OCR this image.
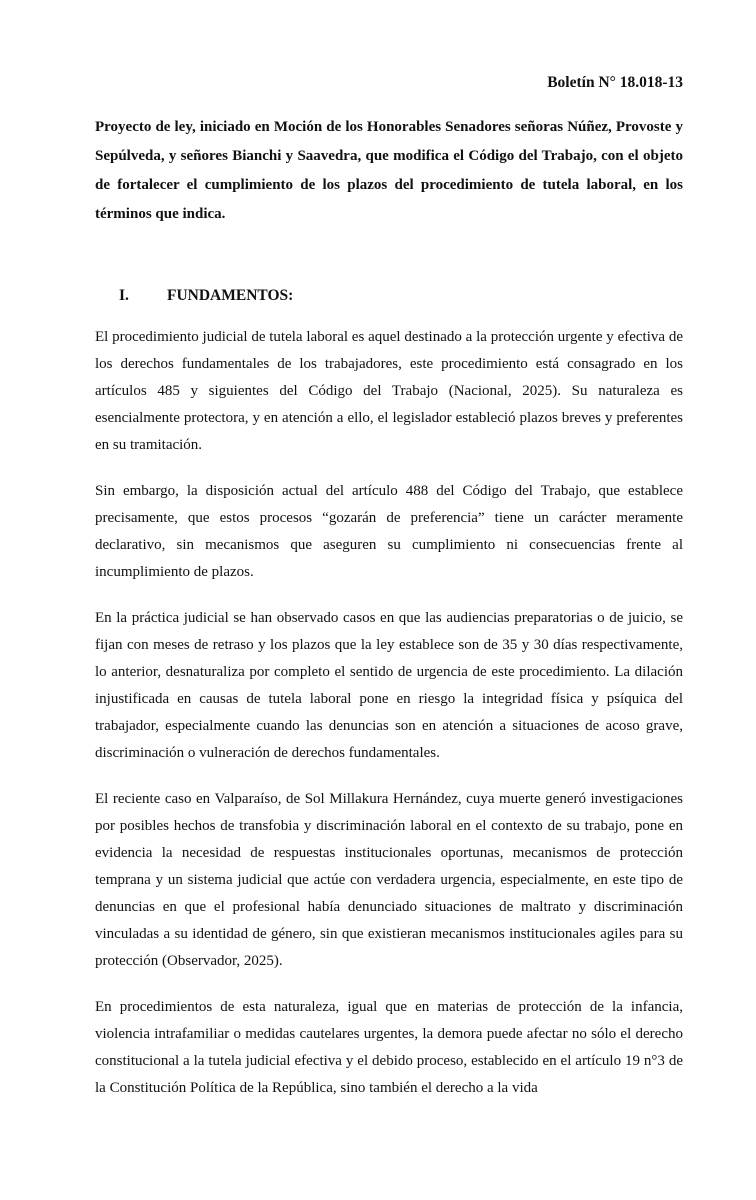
Boletín N° 18.018-13
Proyecto de ley, iniciado en Moción de los Honorables Senadores señoras Núñez, Provoste y Sepúlveda, y señores Bianchi y Saavedra, que modifica el Código del Trabajo, con el objeto de fortalecer el cumplimiento de los plazos del procedimiento de tutela laboral, en los términos que indica.
I. FUNDAMENTOS:

El procedimiento judicial de tutela laboral es aquel destinado a la protección urgente y efectiva de los derechos fundamentales de los trabajadores, este procedimiento está consagrado en los artículos 485 y siguientes del Código del Trabajo (Nacional, 2025). Su naturaleza es esencialmente protectora, y en atención a ello, el legislador estableció plazos breves y preferentes en su tramitación.

Sin embargo, la disposición actual del artículo 488 del Código del Trabajo, que establece precisamente, que estos procesos “gozarán de preferencia” tiene un carácter meramente declarativo, sin mecanismos que aseguren su cumplimiento ni consecuencias frente al incumplimiento de plazos.

En la práctica judicial se han observado casos en que las audiencias preparatorias o de juicio, se fijan con meses de retraso y los plazos que la ley establece son de 35 y 30 días respectivamente, lo anterior, desnaturaliza por completo el sentido de urgencia de este procedimiento. La dilación injustificada en causas de tutela laboral pone en riesgo la integridad física y psíquica del trabajador, especialmente cuando las denuncias son en atención a situaciones de acoso grave, discriminación o vulneración de derechos fundamentales.

El reciente caso en Valparaíso, de Sol Millakura Hernández, cuya muerte generó investigaciones por posibles hechos de transfobia y discriminación laboral en el contexto de su trabajo, pone en evidencia la necesidad de respuestas institucionales oportunas, mecanismos de protección temprana y un sistema judicial que actúe con verdadera urgencia, especialmente, en este tipo de denuncias en que el profesional había denunciado situaciones de maltrato y discriminación vinculadas a su identidad de género, sin que existieran mecanismos institucionales agiles para su protección (Observador, 2025).

En procedimientos de esta naturaleza, igual que en materias de protección de la infancia, violencia intrafamiliar o medidas cautelares urgentes, la demora puede afectar no sólo el derecho constitucional a la tutela judicial efectiva y el debido proceso, establecido en el artículo 19 n°3 de la Constitución Política de la República, sino también el derecho a la vida
